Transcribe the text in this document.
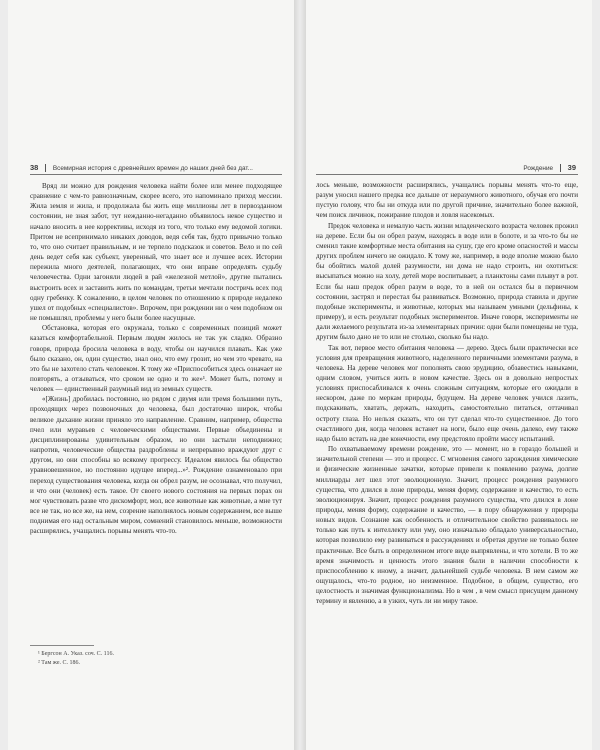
38 Всемирная история с древнейших времен до наших дней без дат...

Вряд ли можно для рождения человека найти более или менее подходящее сравнение с чем-то равнозначным, скорее всего, это напоминало приход мессии. Жила земля и жила, и продолжала бы жить еще миллионы лет в первозданном состоянии, не зная забот, тут нежданно-негаданно объявилось некое существо и начало вносить в нее коррективы, исходя из того, что только ему ведомой логики. Притом не всепринимало никаких доводов, ведя себя так, будто привычно только то, что оно считает правильным, и не терпело подсказок и советов. Вело и по сей день ведет себя как субъект, уверенный, что знает все и лучшее всех. Истории пережила много деятелей, полагающих, что они вправе определять судьбу человечества. Одни загоняли людей в рай «железной метлой», другие пытались выстроить всех и заставить жить по командам, третьи мечтали постричь всех под одну гребенку. К сожалению, в целом человек по отношению к природе недалеко ушел от подобных «специалистов». Впрочем, при рождении ни о чем подобном он не помышлял, проблемы у него были более насущные.

Обстановка, которая его окружала, только с современных позиций может казаться комфортабельной. Первым людям жилось не так уж сладко. Образно говоря, природа бросила человека в воду, чтобы он научился плавать. Как уже было сказано, он, один существо, знал оно, что ему грозит, но чем это чревато, на это бы не захотело стать человеком. К тому же «Приспособиться здесь означает не повторять, а отзываться, что сроком не одно и то же»¹. Может быть, потому и человек — единственный разумный вид из земных существ.

«[Жизнь] дробилась постоянно, но рядом с двумя или тремя большими путь, проходящих через позвоночных до человека, был достаточно широк, чтобы великое дыхание жизни приняло это направление. Сравним, например, общества пчел или муравьев с человеческими обществами. Первые объединены и дисциплинированы удивительным образом, но они застыли неподвижно; напротив, человеческие общества раздроблены и непрерывно враждуют друг с другом, но они способны ко всякому прогрессу. Идеалом явилось бы общество уравновешенное, но постоянно идущее вперед...»². Рождение ознаменовало при переход существования человека, когда он обрел разум, не осознавал, что получил, и что они (человек) есть такое. От своего нового состояния на первых порах он мог чувствовать разве что дискомфорт, мол, все животные как животные, а мне тут все не так, но все же, на нем, созрение наполнялось новым содержанием, все выше поднимая его над остальным миром, сомнений становилось меньше, возможности расширялись, учащались порывы менять что-то.

¹ Бергсон А. Указ. соч. С. 116.
² Там же. С. 186.
Рождение 39

лось меньше, возможности расширялись, учащались порывы менять что-то еще, разум уносил нашего предка все дальше от неразумного животного, обучая его почти пустую голову, что бы ни откуда или по другой причине, значительно более важной, чем поиск личинок, пожирание плодов и ловля насекомых.

Предок человека и немалую часть жизни младенческого возраста человек прожил на дереве. Если бы он обрел разум, находясь в воде или в болоте, и за что-то бы не сменил такие комфортные места обитания на сушу, где его кроме опасностей и массы других проблем ничего не ожидало. К тому же, например, в воде вполне можно было бы обойтись малой долей разумности, ни дома не надо строить, ни охотиться: высыпаться можно на холу, детей море воспитывает, а планктоны сами плывут в рот. Если бы наш предок обрел разум в воде, то в ней он остался бы в первичном состоянии, застрял и перестал бы развиваться. Возможно, природа ставила и другие подобные эксперименты, и животные, которых мы называем умными (дельфины, к примеру), и есть результат подобных экспериментов. Иначе говоря, эксперименты не дали желаемого результата из-за элементарных причин: одни были помещены не туда, другим было дано не то или не столько, сколько бы надо.

Так вот, первое место обитания человека — дерево. Здесь были практически все условия для превращения животного, наделенного первичными элементами разума, в человека. На дереве человек мог пополнять свою эрудицию, обзавестись навыками, одним словом, учиться жить в новом качестве. Здесь он в довольно непростых условиях приспосабливался к очень сложным ситуациям, которые его ожидали в нескором, даже по меркам природы, будущем. На дереве человек учился лазить, подскакивать, хватать, держать, находить, самостоятельно питаться, оттачивал остроту глаза. Но нельзя сказать, что он тут сделал что-то существенное. До того счастливого дня, когда человек встанет на ноги, было еще очень далеко, ему также надо было встать на две конечности, ему предстояло пройти массу испытаний.

По охватываемому времени рождение, это — момент, но в гораздо большей и значительной степени — это и процесс. С мгновения самого зарождения химические и физические жизненные зачатки, которые привели к появлению разума, долгие миллиарды лет шел этот эволюционную. Значит, процесс рождения разумного существа, что длился в лоне природы, меняя форму, содержание и качество, то есть эволюционируя. Значит, процесс рождения разумного существа, что длился в лоне природы, меняя форму, содержание и качество, — в пору обнаружения у природы новых видов. Сознание как особенность и отличительное свойство развивалось не только как путь к интеллекту или уму, оно изначально обладало универсальностью, которая позволило ему развиваться в рассуждениях и обретая другие не только более практичные. Все быть в определенном итоге виде выпрявлены, и что хотели. В то же время значимость и ценность этого знания были в наличии способности к приспособлению к иному, а значит, дальнейшей судьбе человека. В нем самом же ощущалось, что-то родное, но неизменное. Подобное, в общем, существо, его целостность и значимая функционализма. Но в чем , в чем смысл присущем данному термину и явлению, а в узких, чуть ли ни миру такое.
